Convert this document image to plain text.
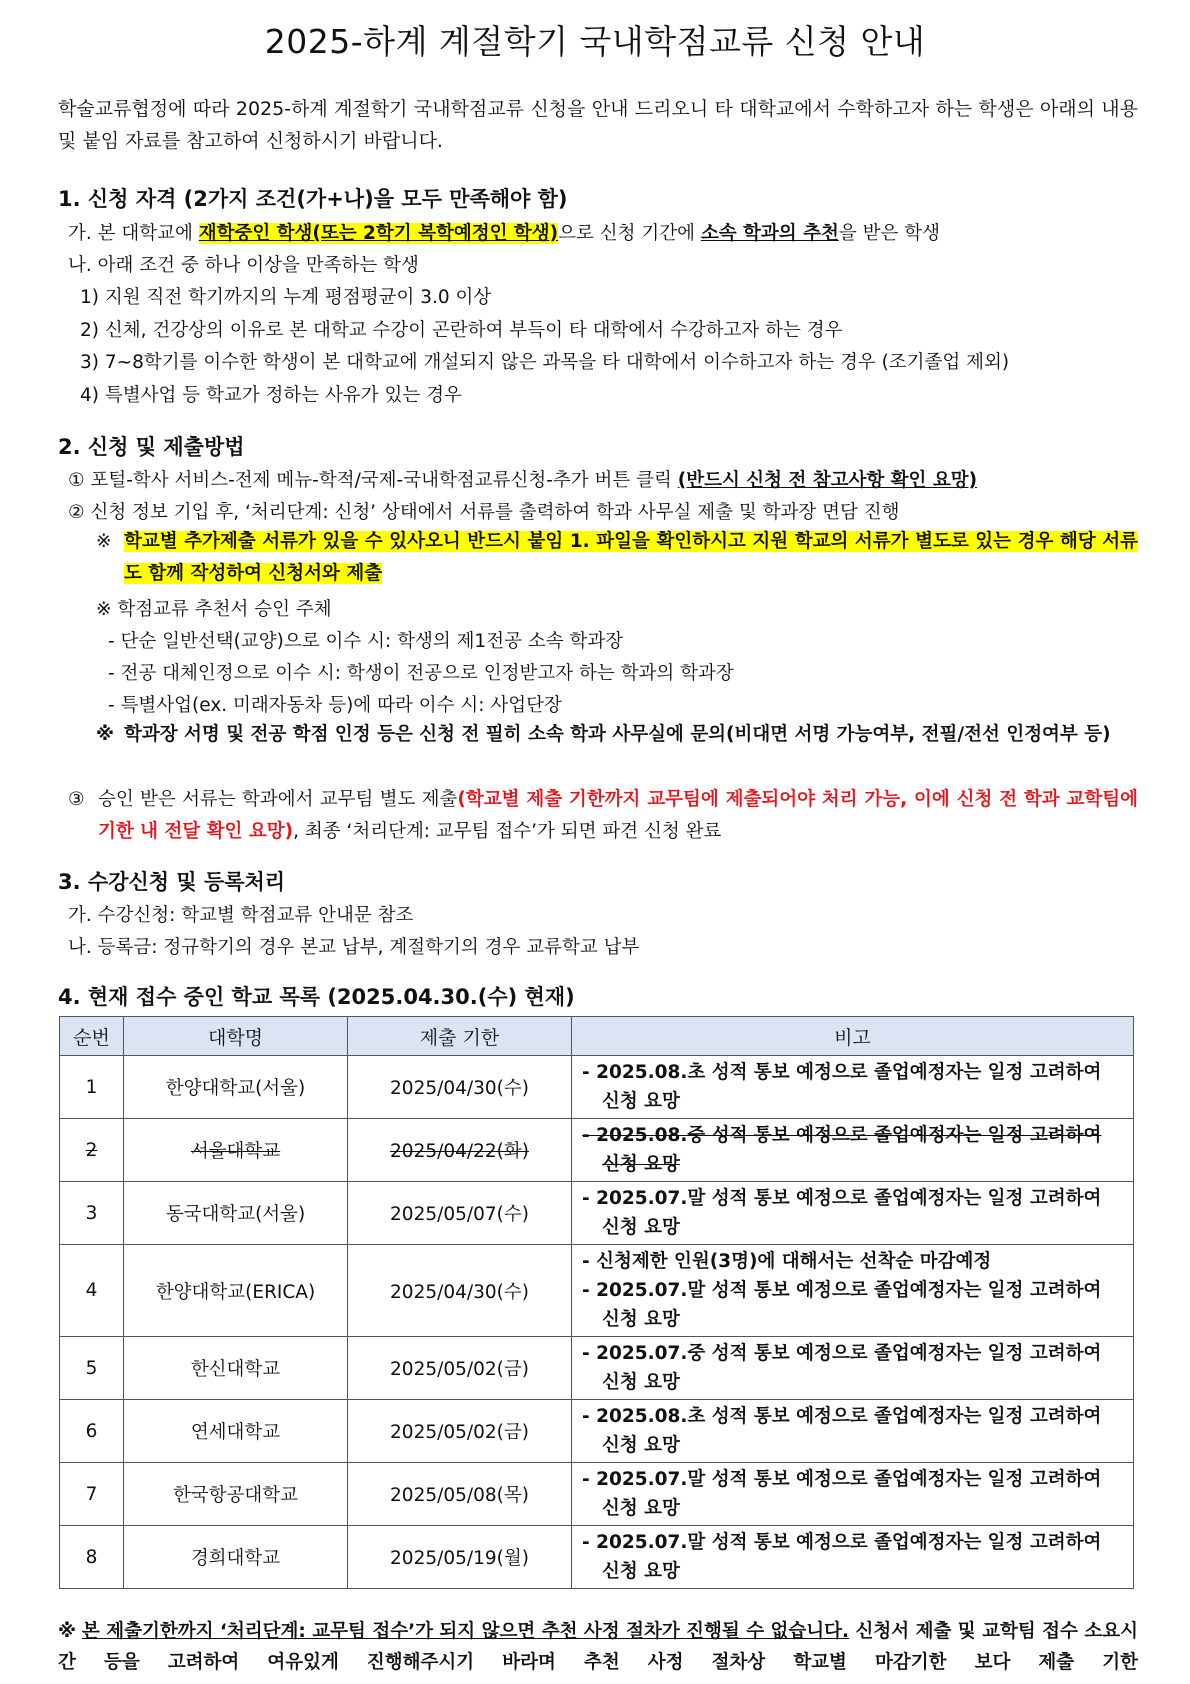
2025-하계 계절학기 국내학점교류 신청 안내
학술교류협정에 따라 2025-하계 계절학기 국내학점교류 신청을 안내 드리오니 타 대학교에서 수학하고자 하는 학생은 아래의 내용 및 붙임 자료를 참고하여 신청하시기 바랍니다.
1. 신청 자격 (2가지 조건(가+나)을 모두 만족해야 함)
가. 본 대학교에 재학중인 학생(또는 2학기 복학예정인 학생)으로 신청 기간에 소속 학과의 추천을 받은 학생
나. 아래 조건 중 하나 이상을 만족하는 학생
1) 지원 직전 학기까지의 누계 평점평균이 3.0 이상
2) 신체, 건강상의 이유로 본 대학교 수강이 곤란하여 부득이 타 대학에서 수강하고자 하는 경우
3) 7~8학기를 이수한 학생이 본 대학교에 개설되지 않은 과목을 타 대학에서 이수하고자 하는 경우 (조기졸업 제외)
4) 특별사업 등 학교가 정하는 사유가 있는 경우
2. 신청 및 제출방법
① 포털-학사 서비스-전제 메뉴-학적/국제-국내학점교류신청-추가 버튼 클릭 (반드시 신청 전 참고사항 확인 요망)
② 신청 정보 기입 후, ‘처리단계: 신청’ 상태에서 서류를 출력하여 학과 사무실 제출 및 학과장 면담 진행
※ 학교별 추가제출 서류가 있을 수 있사오니 반드시 붙임 1. 파일을 확인하시고 지원 학교의 서류가 별도로 있는 경우 해당 서류도 함께 작성하여 신청서와 제출
※ 학점교류 추천서 승인 주체
- 단순 일반선택(교양)으로 이수 시: 학생의 제1전공 소속 학과장
- 전공 대체인정으로 이수 시: 학생이 전공으로 인정받고자 하는 학과의 학과장
- 특별사업(ex. 미래자동차 등)에 따라 이수 시: 사업단장
※ 학과장 서명 및 전공 학점 인정 등은 신청 전 필히 소속 학과 사무실에 문의(비대면 서명 가능여부, 전필/전선 인정여부 등)
③ 승인 받은 서류는 학과에서 교무팀 별도 제출(학교별 제출 기한까지 교무팀에 제출되어야 처리 가능, 이에 신청 전 학과 교학팀에 기한 내 전달 확인 요망), 최종 ‘처리단계: 교무팀 접수’가 되면 파견 신청 완료
3. 수강신청 및 등록처리
가. 수강신청: 학교별 학점교류 안내문 참조
나. 등록금: 정규학기의 경우 본교 납부, 계절학기의 경우 교류학교 납부
4. 현재 접수 중인 학교 목록 (2025.04.30.(수) 현재)
순번	대학명	제출 기한	비고
1	한양대학교(서울)	2025/04/30(수)	- 2025.08.초 성적 통보 예정으로 졸업예정자는 일정 고려하여 신청 요망

2	서울대학교	2025/04/22(화)	- 2025.08.중 성적 통보 예정으로 졸업예정자는 일정 고려하여 신청 요망

3	동국대학교(서울)	2025/05/07(수)	- 2025.07.말 성적 통보 예정으로 졸업예정자는 일정 고려하여 신청 요망

4	한양대학교(ERICA)	2025/04/30(수)	- 신청제한 인원(3명)에 대해서는 선착순 마감예정
- 2025.07.말 성적 통보 예정으로 졸업예정자는 일정 고려하여 신청 요망

5	한신대학교	2025/05/02(금)	- 2025.07.중 성적 통보 예정으로 졸업예정자는 일정 고려하여 신청 요망

6	연세대학교	2025/05/02(금)	- 2025.08.초 성적 통보 예정으로 졸업예정자는 일정 고려하여 신청 요망

7	한국항공대학교	2025/05/08(목)	- 2025.07.말 성적 통보 예정으로 졸업예정자는 일정 고려하여 신청 요망

8	경희대학교	2025/05/19(월)	- 2025.07.말 성적 통보 예정으로 졸업예정자는 일정 고려하여 신청 요망
※ 본 제출기한까지 ‘처리단계: 교무팀 접수’가 되지 않으면 추천 사정 절차가 진행될 수 없습니다. 신청서 제출 및 교학팀 접수 소요시간 등을 고려하여 여유있게 진행해주시기 바라며 추천 사정 절차상 학교별 마감기한 보다 제출 기한
